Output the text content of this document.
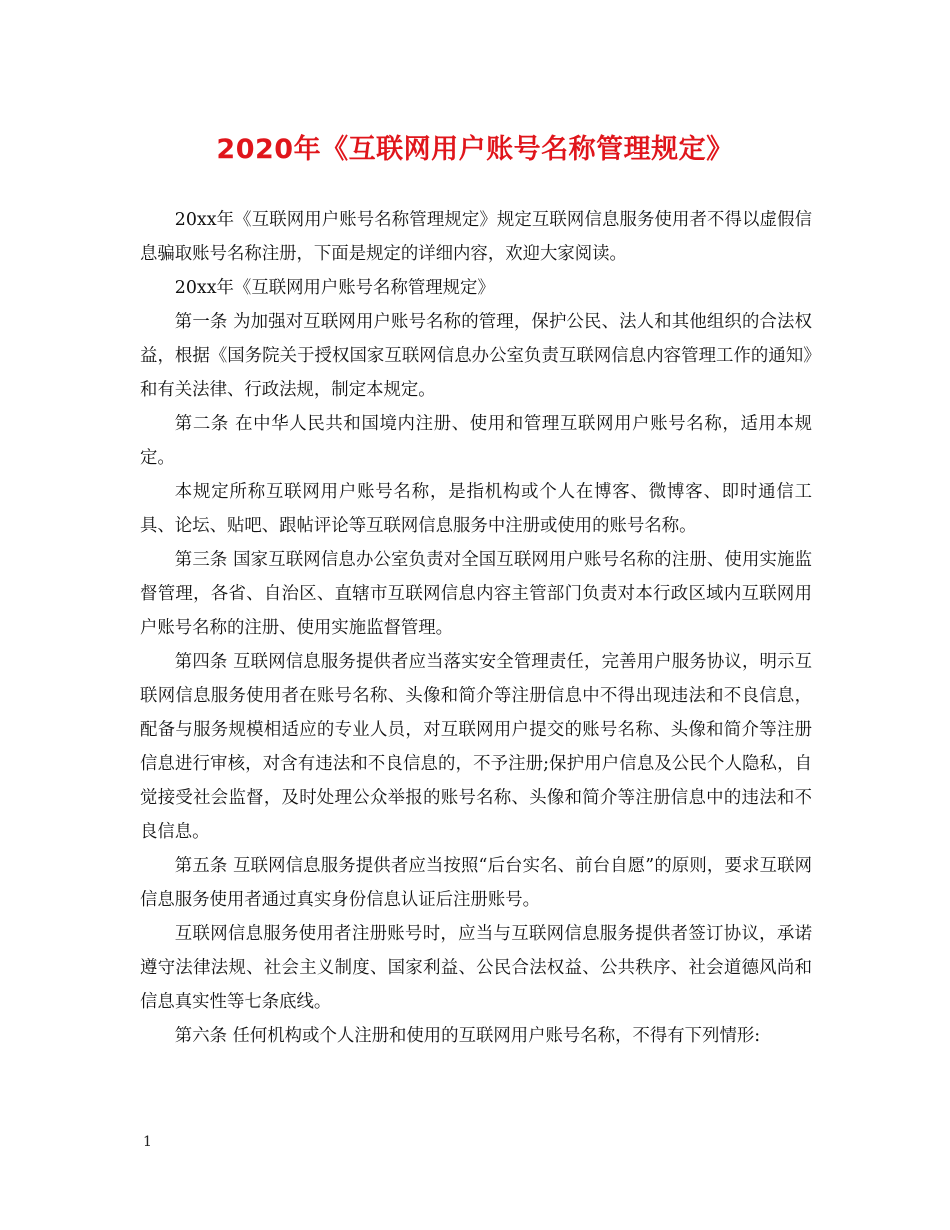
2020年《互联网用户账号名称管理规定》

20xx年《互联网用户账号名称管理规定》规定互联网信息服务使用者不得以虚假信息骗取账号名称注册，下面是规定的详细内容，欢迎大家阅读。

20xx年《互联网用户账号名称管理规定》

第一条 为加强对互联网用户账号名称的管理，保护公民、法人和其他组织的合法权益，根据《国务院关于授权国家互联网信息办公室负责互联网信息内容管理工作的通知》和有关法律、行政法规，制定本规定。

第二条 在中华人民共和国境内注册、使用和管理互联网用户账号名称，适用本规定。

本规定所称互联网用户账号名称，是指机构或个人在博客、微博客、即时通信工具、论坛、贴吧、跟帖评论等互联网信息服务中注册或使用的账号名称。

第三条 国家互联网信息办公室负责对全国互联网用户账号名称的注册、使用实施监督管理，各省、自治区、直辖市互联网信息内容主管部门负责对本行政区域内互联网用户账号名称的注册、使用实施监督管理。

第四条 互联网信息服务提供者应当落实安全管理责任，完善用户服务协议，明示互联网信息服务使用者在账号名称、头像和简介等注册信息中不得出现违法和不良信息，配备与服务规模相适应的专业人员，对互联网用户提交的账号名称、头像和简介等注册信息进行审核，对含有违法和不良信息的，不予注册;保护用户信息及公民个人隐私，自觉接受社会监督，及时处理公众举报的账号名称、头像和简介等注册信息中的违法和不良信息。

第五条 互联网信息服务提供者应当按照“后台实名、前台自愿”的原则，要求互联网信息服务使用者通过真实身份信息认证后注册账号。

互联网信息服务使用者注册账号时，应当与互联网信息服务提供者签订协议，承诺遵守法律法规、社会主义制度、国家利益、公民合法权益、公共秩序、社会道德风尚和信息真实性等七条底线。

第六条 任何机构或个人注册和使用的互联网用户账号名称，不得有下列情形:

1
